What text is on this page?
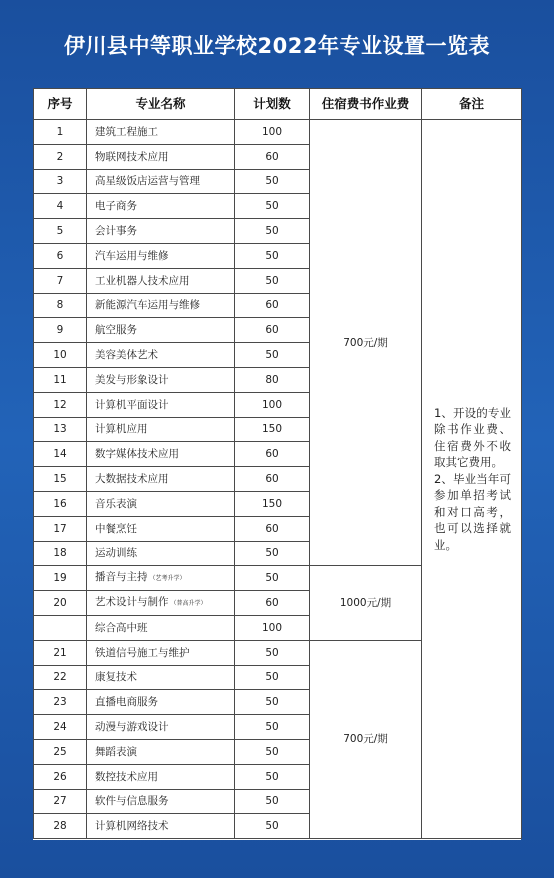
伊川县中等职业学校2022年专业设置一览表
序号	专业名称	计划数	住宿费书作业费	备注
1	建筑工程施工	100	700元/期	1、开设的专业除书作业费、住宿费外不收取其它费用。
2、毕业当年可参加单招考试和对口高考，也可以选择就业。

2	物联网技术应用	60		
3	高星级饭店运营与管理	50		
4	电子商务	50		
5	会计事务	50		
6	汽车运用与维修	50		
7	工业机器人技术应用	50		
8	新能源汽车运用与维修	60		
9	航空服务	60		
10	美容美体艺术	50		
11	美发与形象设计	80		
12	计算机平面设计	100		
13	计算机应用	150		
14	数字媒体技术应用	60		
15	大数据技术应用	60		
16	音乐表演	150		
17	中餐烹饪	60		
18	运动训练	50		
19	播音与主持 （艺考升学）	50	1000元/期	
20	艺术设计与制作 （普高升学）	60		
	综合高中班	100		
21	铁道信号施工与维护	50	700元/期	
22	康复技术	50		
23	直播电商服务	50		
24	动漫与游戏设计	50		
25	舞蹈表演	50		
26	数控技术应用	50		
27	软件与信息服务	50		
28	计算机网络技术	50		
